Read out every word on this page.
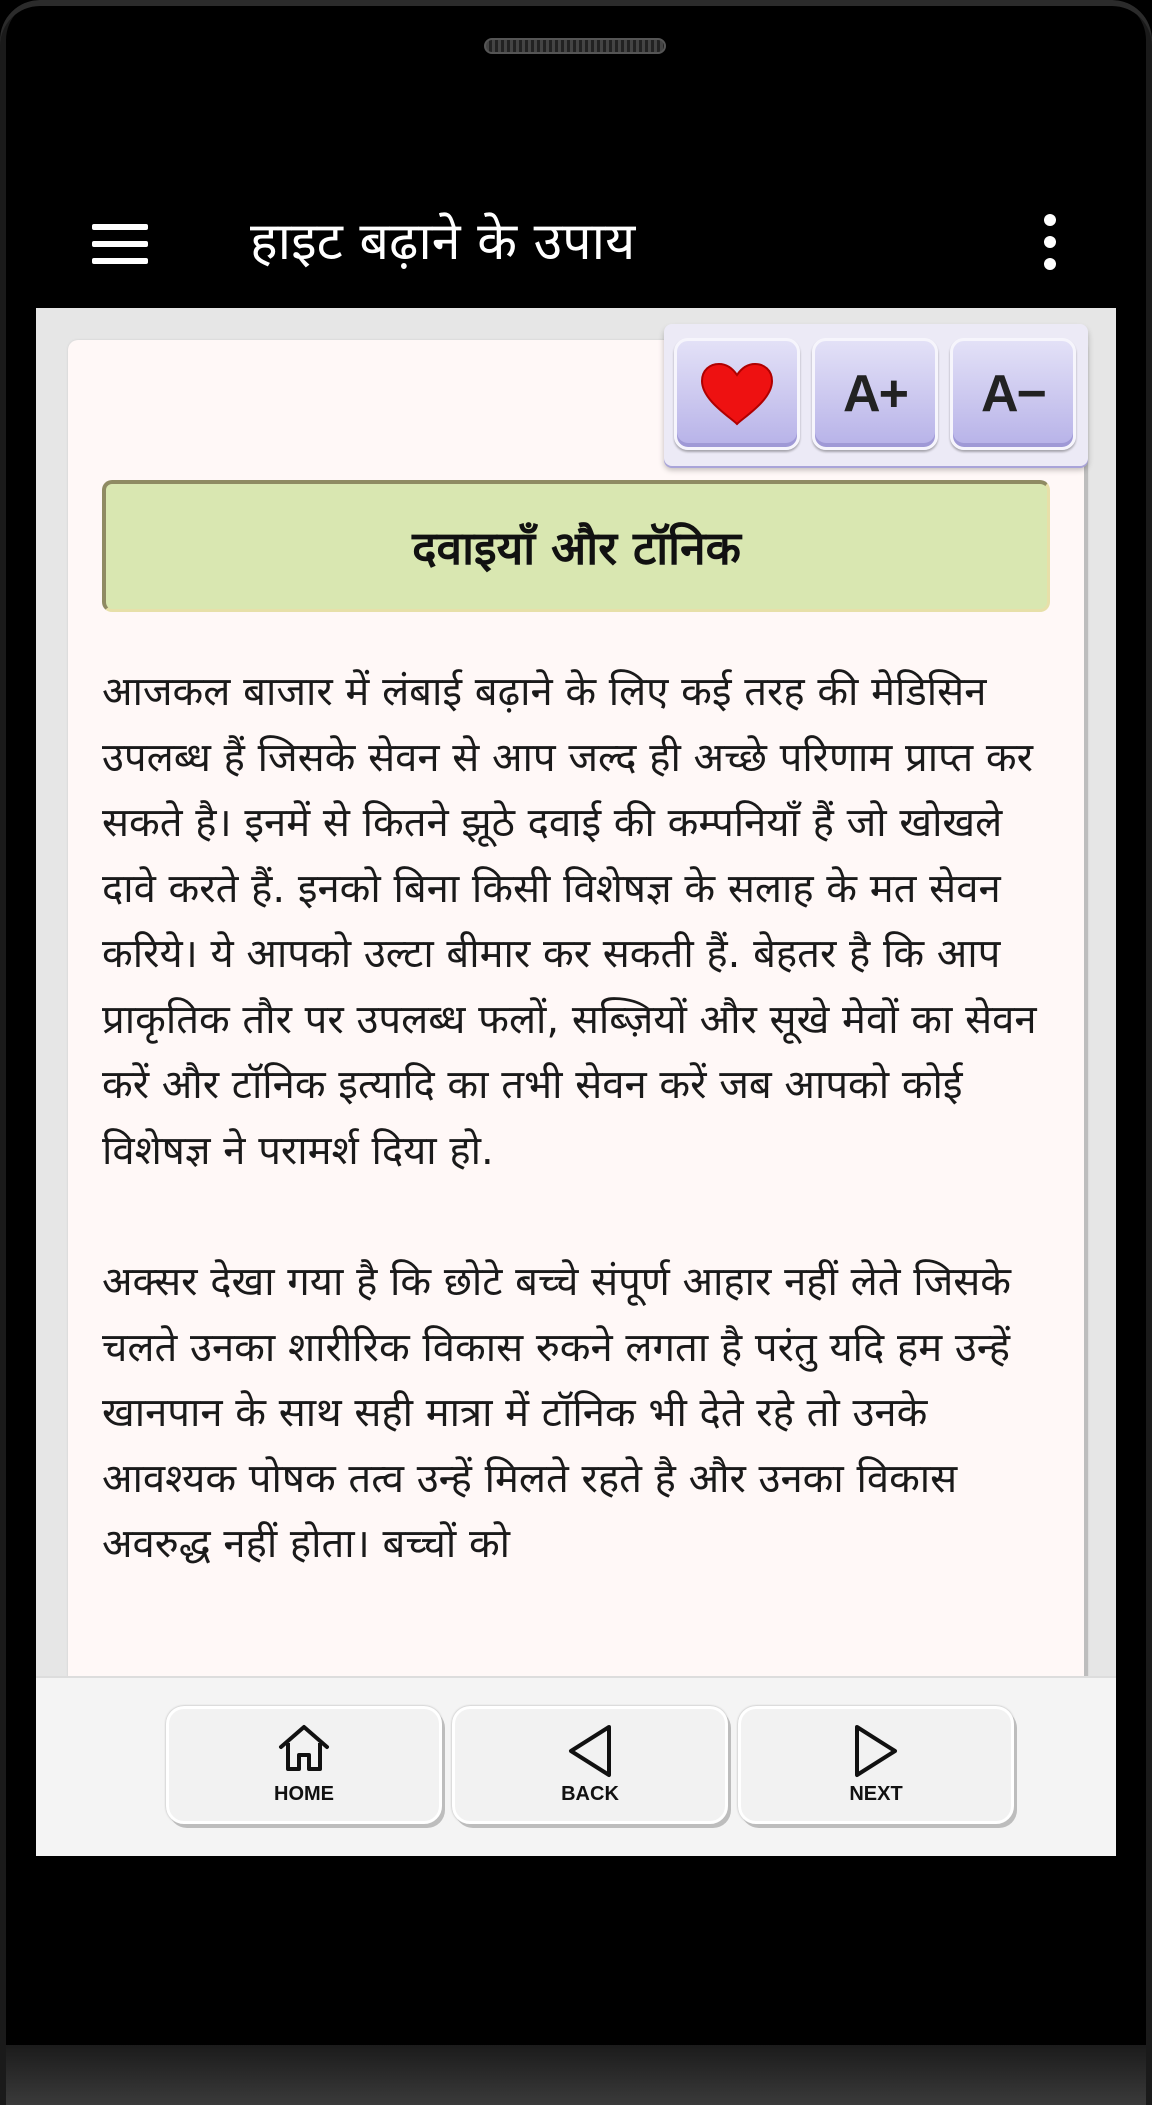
हाइट बढ़ाने के उपाय
दवाइयाँ और टॉनिक

आजकल बाजार में लंबाई बढ़ाने के लिए कई तरह की मेडिसिन उपलब्ध हैं जिसके सेवन से आप जल्द ही अच्छे परिणाम प्राप्त कर सकते है। इनमें से कितने झूठे दवाई की कम्पनियाँ हैं जो खोखले दावे करते हैं. इनको बिना किसी विशेषज्ञ के सलाह के मत सेवन करिये। ये आपको उल्टा बीमार कर सकती हैं. बेहतर है कि आप प्राकृतिक तौर पर उपलब्ध फलों, सब्ज़ियों और सूखे मेवों का सेवन करें और टॉनिक इत्यादि का तभी सेवन करें जब आपको कोई विशेषज्ञ ने परामर्श दिया हो.

अक्सर देखा गया है कि छोटे बच्चे संपूर्ण आहार नहीं लेते जिसके चलते उनका शारीरिक विकास रुकने लगता है परंतु यदि हम उन्हें खानपान के साथ सही मात्रा में टॉनिक भी देते रहे तो उनके आवश्यक पोषक तत्व उन्हें मिलते रहते है और उनका विकास अवरुद्ध नहीं होता। बच्चों को

A+ A−
HOME	BACK	NEXT
